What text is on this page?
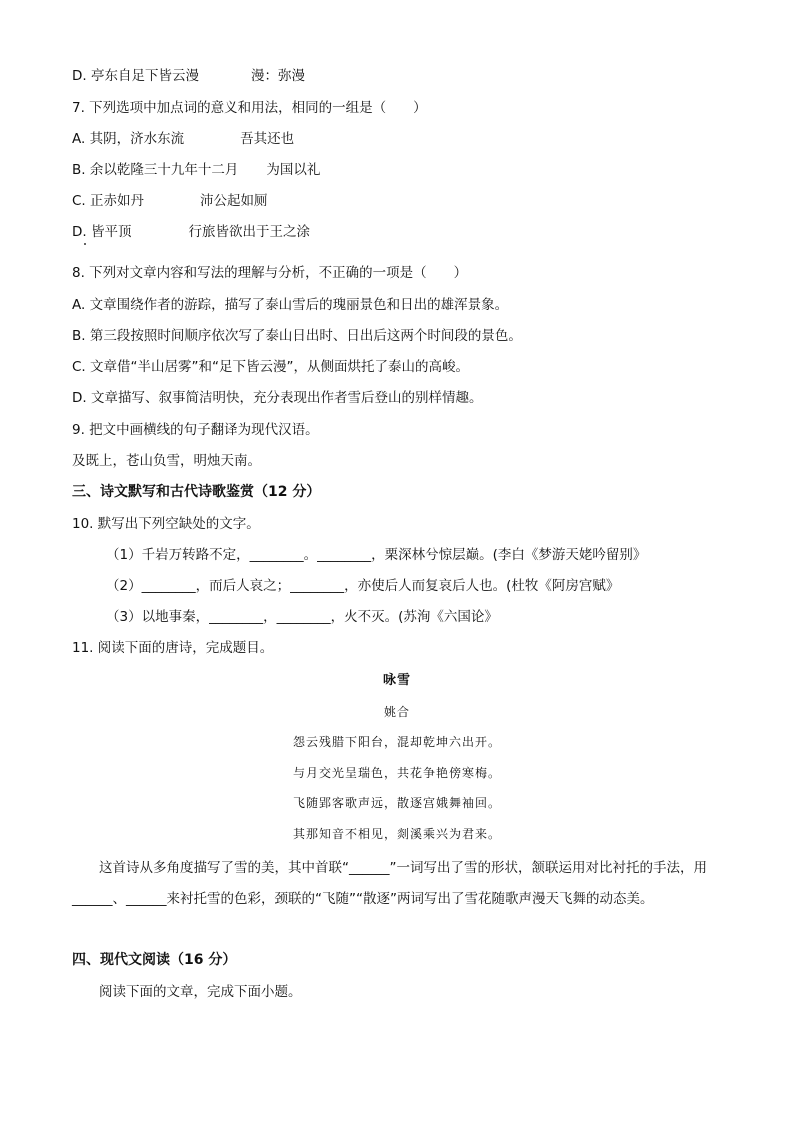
D. 亭东自足下皆云漫	漫：弥漫
7. 下列选项中加点词的意义和用法，相同的一组是（　　）
A. 其阴，济水东流	吾其还也
B. 余以乾隆三十九年十二月 为国以礼
C. 正赤如丹	沛公起如厕
D. 皆平顶	行旅皆欲出于王之涂
8. 下列对文章内容和写法的理解与分析，不正确的一项是（　　）
A. 文章围绕作者的游踪，描写了泰山雪后的瑰丽景色和日出的雄浑景象。
B. 第三段按照时间顺序依次写了泰山日出时、日出后这两个时间段的景色。
C. 文章借“半山居雾”和“足下皆云漫”，从侧面烘托了泰山的高峻。
D. 文章描写、叙事简洁明快，充分表现出作者雪后登山的别样情趣。
9. 把文中画横线的句子翻译为现代汉语。
及既上，苍山负雪，明烛天南。
三、诗文默写和古代诗歌鉴赏（12 分）
10. 默写出下列空缺处的文字。
（1）千岩万转路不定，________。________，栗深林兮惊层巅。(李白《梦游天姥吟留别》
（2）________，而后人哀之；________，亦使后人而复哀后人也。(杜牧《阿房宫赋》
（3）以地事秦，________，________，火不灭。(苏洵《六国论》
11. 阅读下面的唐诗，完成题目。
咏雪
姚合
怨云残腊下阳台，混却乾坤六出开。
与月交光呈瑞色，共花争艳傍寒梅。
飞随郢客歌声远，散逐宫娥舞袖回。
其那知音不相见，剡溪乘兴为君来。
这首诗从多角度描写了雪的美，其中首联“______”一词写出了雪的形状，颔联运用对比衬托的手法，用______、______来衬托雪的色彩，颈联的“飞随”“散逐”两词写出了雪花随歌声漫天飞舞的动态美。
四、现代文阅读（16 分）
阅读下面的文章，完成下面小题。
